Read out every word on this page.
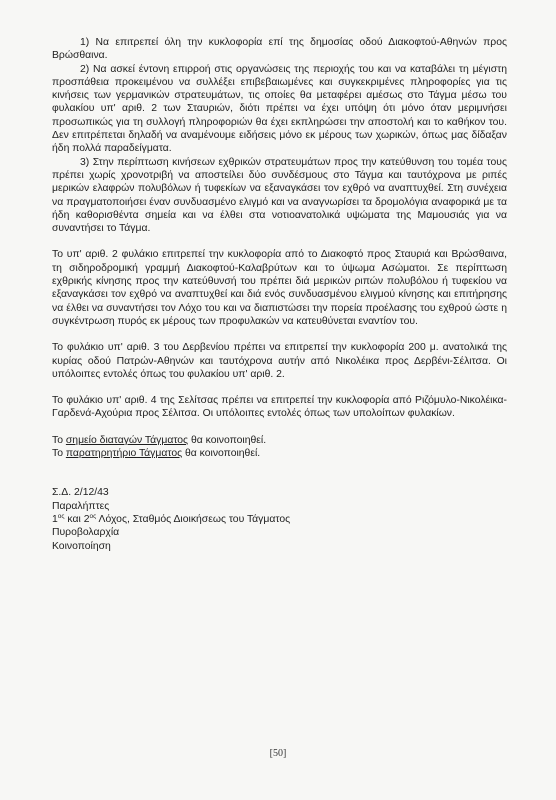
1) Να επιτρεπεί όλη την κυκλοφορία επί της δημοσίας οδού Διακοφτού-Αθηνών προς Βρώσθαινα.

2) Να ασκεί έντονη επιρροή στις οργανώσεις της περιοχής του και να καταβάλει τη μέγιστη προσπάθεια προκειμένου να συλλέξει επιβεβαιωμένες και συγκεκριμένες πληροφορίες για τις κινήσεις των γερμανικών στρατευμάτων, τις οποίες θα μεταφέρει αμέσως στο Τάγμα μέσω του φυλακίου υπ' αριθ. 2 των Σταυριών, διότι πρέπει να έχει υπόψη ότι μόνο όταν μεριμνήσει προσωπικώς για τη συλλογή πληροφοριών θα έχει εκπληρώσει την αποστολή και το καθήκον του. Δεν επιτρέπεται δηλαδή να αναμένουμε ειδήσεις μόνο εκ μέρους των χωρικών, όπως μας δίδαξαν ήδη πολλά παραδείγματα.

3) Στην περίπτωση κινήσεων εχθρικών στρατευμάτων προς την κατεύθυνση του τομέα τους πρέπει χωρίς χρονοτριβή να αποστείλει δύο συνδέσμους στο Τάγμα και ταυτόχρονα με ριπές μερικών ελαφρών πολυβόλων ή τυφεκίων να εξαναγκάσει τον εχθρό να αναπτυχθεί. Στη συνέχεια να πραγματοποιήσει έναν συνδυασμένο ελιγμό και να αναγνωρίσει τα δρομολόγια αναφορικά με τα ήδη καθορισθέντα σημεία και να έλθει στα νοτιοανατολικά υψώματα της Μαμουσιάς για να συναντήσει το Τάγμα.

Το υπ' αριθ. 2 φυλάκιο επιτρεπεί την κυκλοφορία από το Διακοφτό προς Σταυριά και Βρώσθαινα, τη σιδηροδρομική γραμμή Διακοφτού-Καλαβρύτων και το ύψωμα Ασώματοι. Σε περίπτωση εχθρικής κίνησης προς την κατεύθυνσή του πρέπει διά μερικών ριπών πολυβόλου ή τυφεκίου να εξαναγκάσει τον εχθρό να αναπτυχθεί και διά ενός συνδυασμένου ελιγμού κίνησης και επιτήρησης να έλθει να συναντήσει τον Λόχο του και να διαπιστώσει την πορεία προέλασης του εχθρού ώστε η συγκέντρωση πυρός εκ μέρους των προφυλακών να κατευθύνεται εναντίον του.

Το φυλάκιο υπ' αριθ. 3 του Δερβενίου πρέπει να επιτρεπεί την κυκλοφορία 200 μ. ανατολικά της κυρίας οδού Πατρών-Αθηνών και ταυτόχρονα αυτήν από Νικολέικα προς Δερβένι-Σέλιτσα. Οι υπόλοιπες εντολές όπως του φυλακίου υπ' αριθ. 2.

Το φυλάκιο υπ' αριθ. 4 της Σελίτσας πρέπει να επιτρεπεί την κυκλοφορία από Ριζόμυλο-Νικολέικα-Γαρδενά-Αχούρια προς Σέλιτσα. Οι υπόλοιπες εντολές όπως των υπολοίπων φυλακίων.

Το σημείο διαταγών Τάγματος θα κοινοποιηθεί.

Το παρατηρητήριο Τάγματος θα κοινοποιηθεί.

Σ.Δ. 2/12/43

Παραλήπτες

$1^{o\varsigma}$ και $2^{o\varsigma}$ Λόχος, Σταθμός Διοικήσεως του Τάγματος

Πυροβολαρχία

Κοινοποίηση

[50]
